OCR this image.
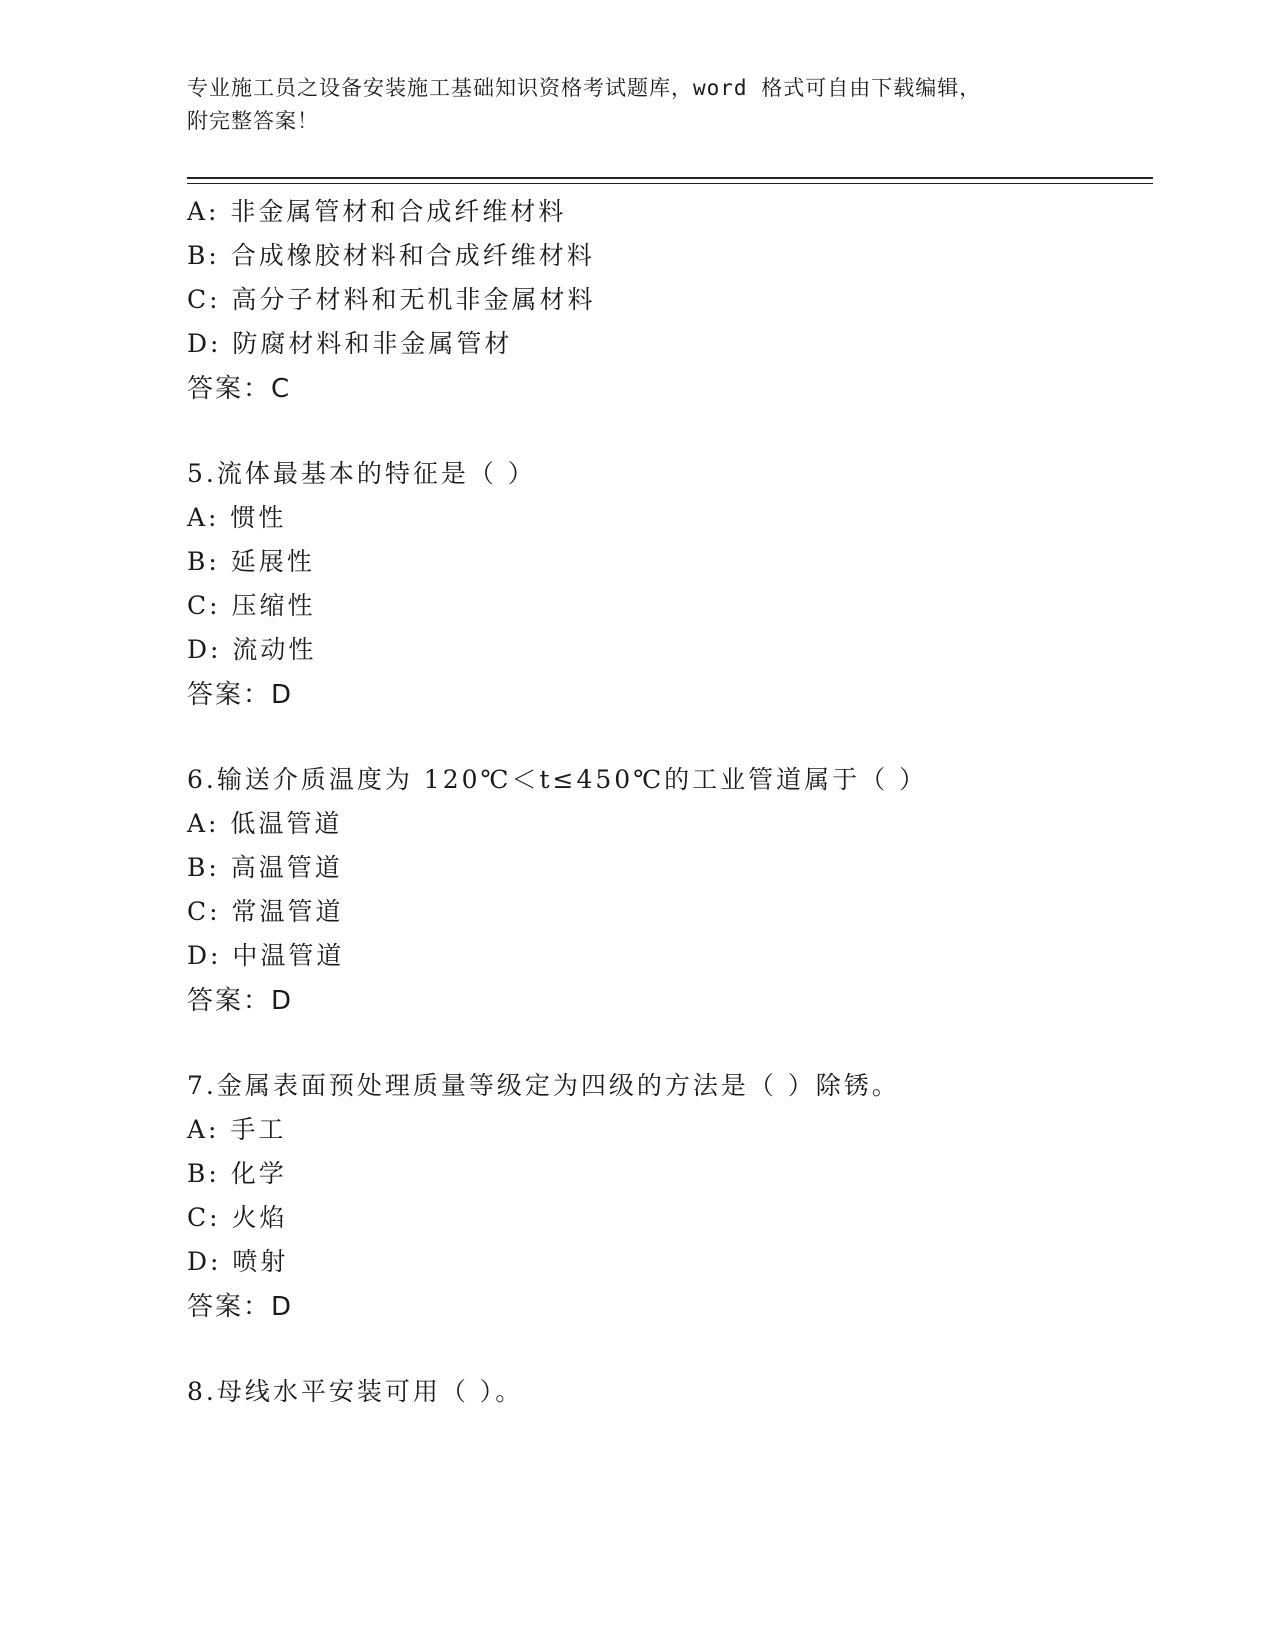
专业施工员之设备安装施工基础知识资格考试题库，word 格式可自由下载编辑，
附完整答案！
A: 非金属管材和合成纤维材料
B: 合成橡胶材料和合成纤维材料
C: 高分子材料和无机非金属材料
D: 防腐材料和非金属管材
答案：C
5.流体最基本的特征是（ ）
A: 惯性
B: 延展性
C: 压缩性
D: 流动性
答案：D
6.输送介质温度为 120℃＜t≤450℃的工业管道属于（ ）
A: 低温管道
B: 高温管道
C: 常温管道
D: 中温管道
答案：D
7.金属表面预处理质量等级定为四级的方法是（ ）除锈。
A: 手工
B: 化学
C: 火焰
D: 喷射
答案：D
8.母线水平安装可用（ ）。
